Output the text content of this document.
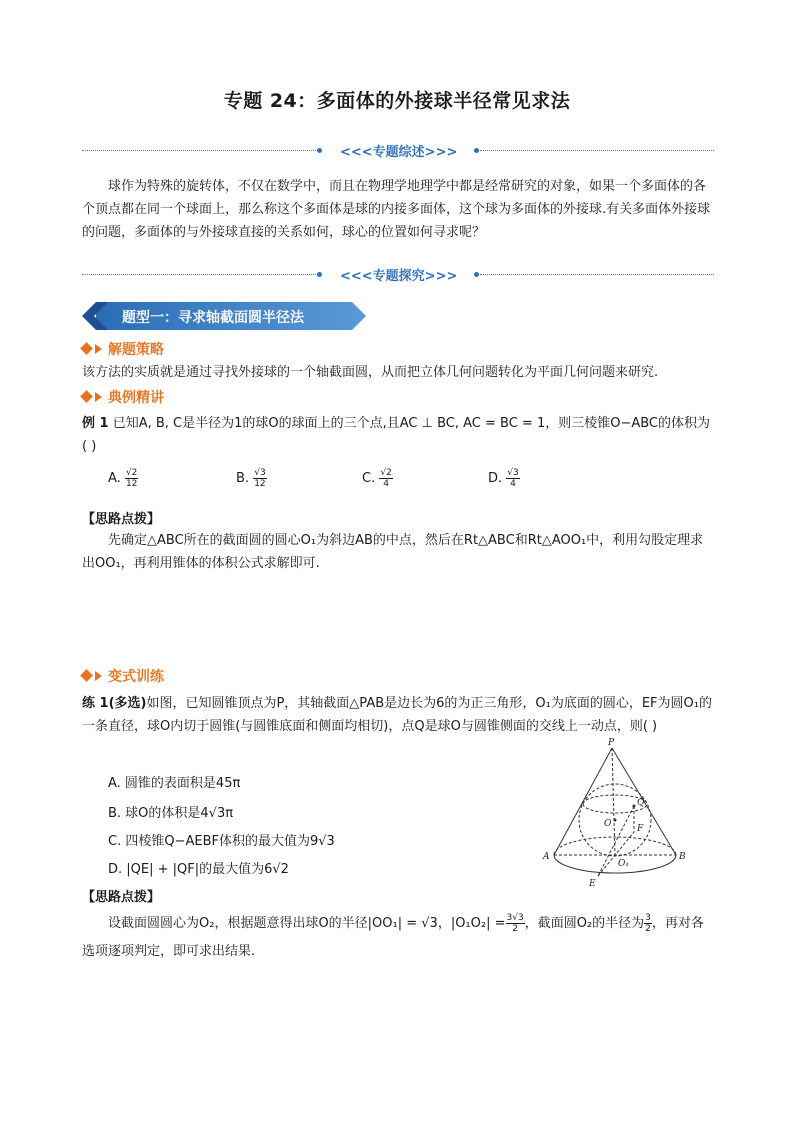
专题 24：多面体的外接球半径常见求法
<<<专题综述>>>
球作为特殊的旋转体，不仅在数学中，而且在物理学地理学中都是经常研究的对象，如果一个多面体的各个顶点都在同一个球面上，那么称这个多面体是球的内接多面体，这个球为多面体的外接球.有关多面体外接球的问题，多面体的与外接球直接的关系如何，球心的位置如何寻求呢？
<<<专题探究>>>
题型一：寻求轴截面圆半径法
解题策略
该方法的实质就是通过寻找外接球的一个轴截面圆，从而把立体几何问题转化为平面几何问题来研究.
典例精讲
例 1 已知A, B, C是半径为1的球O的球面上的三个点,且AC ⊥ BC, AC = BC = 1，则三棱锥O−ABC的体积为( )
A. $\frac{√2}{12}$	B. $\frac{√3}{12}$	C. $\frac{√2}{4}$	D. $\frac{√3}{4}$
【思路点拨】
先确定△ABC所在的截面圆的圆心O₁为斜边AB的中点，然后在Rt△ABC和Rt△AOO₁中，利用勾股定理求出OO₁，再利用锥体的体积公式求解即可.
变式训练
练 1(多选)如图，已知圆锥顶点为P，其轴截面△PAB是边长为6的为正三角形，O₁为底面的圆心，EF为圆O₁的一条直径，球O内切于圆锥(与圆锥底面和侧面均相切)，点Q是球O与圆锥侧面的交线上一动点，则( )
A. 圆锥的表面积是45π
B. 球O的体积是4√3π
C. 四棱锥Q−AEBF体积的最大值为9√3
D. |QE| + |QF|的最大值为6√2
P
A	B
E
F
O
O₁
Q
【思路点拨】
设截面圆圆心为O₂，根据题意得出球O的半径|OO₁| = √3，$|O_1O_2| = \frac{3√3}{2}$ ，截面圆O₂的半径为 $\frac{3}{2}$ ，再对各选项逐项判定，即可求出结果.
